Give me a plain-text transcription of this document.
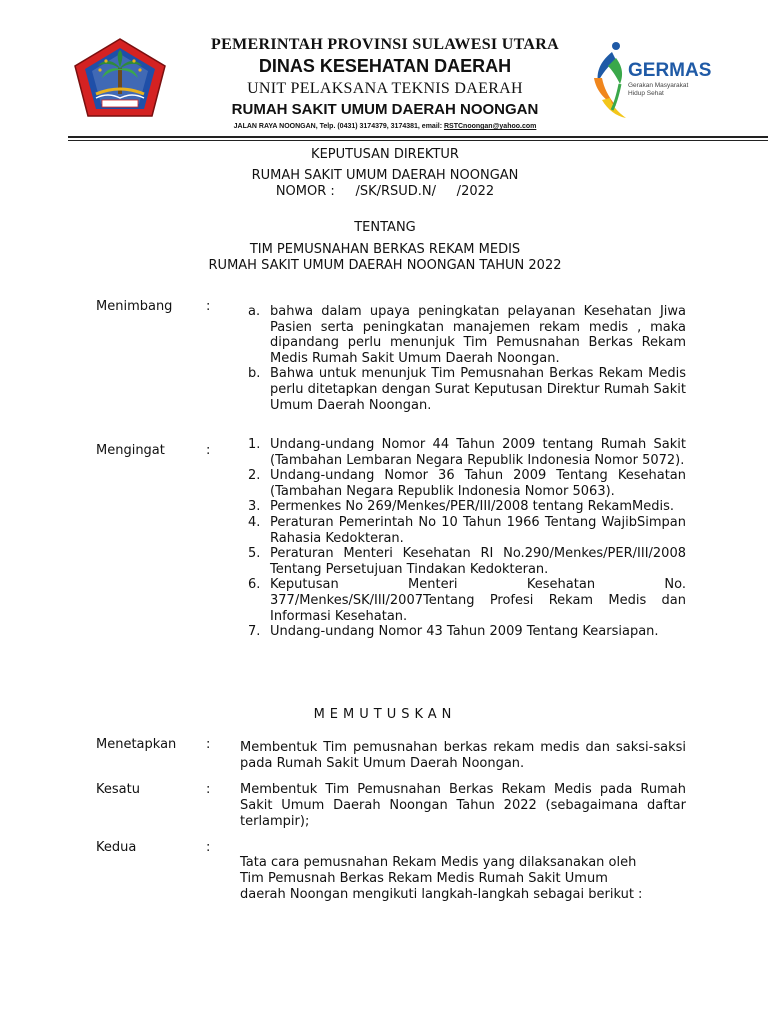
PEMERINTAH PROVINSI SULAWESI UTARA
DINAS KESEHATAN DAERAH
UNIT PELAKSANA TEKNIS DAERAH
RUMAH SAKIT UMUM DAERAH NOONGAN
JALAN RAYA NOONGAN, Telp. (0431) 3174379, 3174381, email: RSTCnoongan@yahoo.com
GERMAS
Gerakan Masyarakat
Hidup Sehat
KEPUTUSAN DIREKTUR
RUMAH SAKIT UMUM DAERAH NOONGAN
NOMOR :     /SK/RSUD.N/     /2022
TENTANG
TIM PEMUSNAHAN BERKAS REKAM MEDIS
RUMAH SAKIT UMUM DAERAH NOONGAN TAHUN 2022
Menimbang	:	a. bahwa dalam upaya peningkatan pelayanan Kesehatan Jiwa Pasien serta peningkatan manajemen rekam medis , maka dipandang perlu menunjuk Tim Pemusnahan Berkas Rekam Medis Rumah Sakit Umum Daerah Noongan.
b. Bahwa untuk menunjuk Tim Pemusnahan Berkas Rekam Medis perlu ditetapkan dengan Surat Keputusan Direktur Rumah Sakit Umum Daerah Noongan.
Mengingat	:	1. Undang-undang Nomor 44 Tahun 2009 tentang Rumah Sakit (Tambahan Lembaran Negara Republik Indonesia Nomor 5072).
2. Undang-undang Nomor 36 Tahun 2009 Tentang Kesehatan (Tambahan Negara Republik Indonesia Nomor 5063).
3. Permenkes No 269/Menkes/PER/III/2008 tentang RekamMedis.
4. Peraturan Pemerintah No 10 Tahun 1966 Tentang WajibSimpan Rahasia Kedokteran.
5. Peraturan Menteri Kesehatan RI No.290/Menkes/PER/III/2008 Tentang Persetujuan Tindakan Kedokteran.
6. Keputusan Menteri Kesehatan No. 377/Menkes/SK/III/2007Tentang Profesi Rekam Medis dan Informasi Kesehatan.
7. Undang-undang Nomor 43 Tahun 2009 Tentang Kearsiapan.
MEMUTUSKAN
Menetapkan : Membentuk Tim pemusnahan berkas rekam medis dan saksi-saksi pada Rumah Sakit Umum Daerah Noongan.
Kesatu	: Membentuk Tim Pemusnahan Berkas Rekam Medis pada Rumah Sakit Umum Daerah Noongan Tahun 2022 (sebagaimana daftar terlampir);
Kedua	:
Tata cara pemusnahan Rekam Medis yang dilaksanakan oleh
Tim Pemusnah Berkas Rekam Medis Rumah Sakit Umum
daerah Noongan mengikuti langkah-langkah sebagai berikut :
